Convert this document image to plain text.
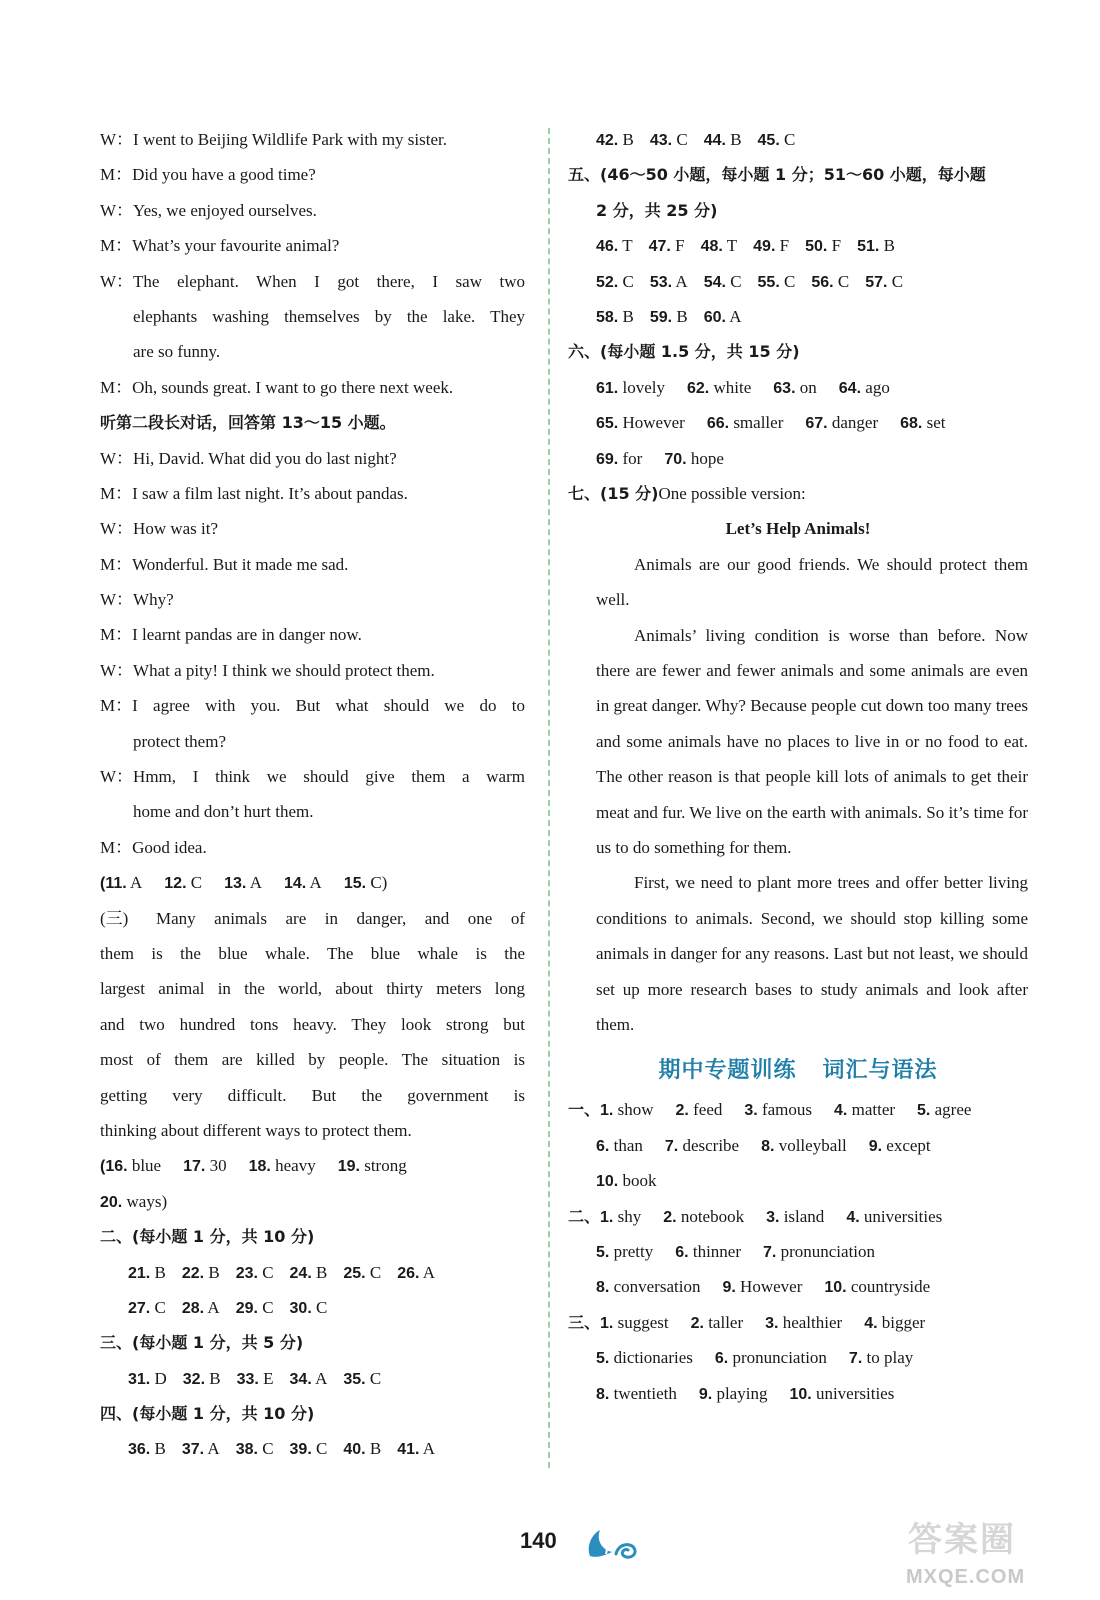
W： I went to Beijing Wildlife Park with my sister.
M： Did you have a good time?
W： Yes, we enjoyed ourselves.
M： What’s your favourite animal?
W： The elephant. When I got there, I saw two
elephants washing themselves by the lake. They
are so funny.
M： Oh, sounds great. I want to go there next week.
听第二段长对话，回答第 13～15 小题。
W： Hi, David. What did you do last night?
M： I saw a film last night. It’s about pandas.
W： How was it?
M： Wonderful. But it made me sad.
W： Why?
M： I learnt pandas are in danger now.
W： What a pity! I think we should protect them.
M： I agree with you. But what should we do to
protect them?
W： Hmm, I think we should give them a warm
home and don’t hurt them.
M： Good idea.
(11. A 12. C 13. A 14. A 15. C)
(三)	Many animals are in danger, and one of
them is the blue whale. The blue whale is the
largest animal in the world, about thirty meters long
and two hundred tons heavy. They look strong but
most of them are killed by people. The situation is
getting very difficult. But the government is
thinking about different ways to protect them.
(16. blue 17. 30 18. heavy 19. strong
20. ways)
二、(每小题 1 分，共 10 分)
21. B 22. B 23. C 24. B 25. C 26. A
27. C 28. A 29. C 30. C
三、(每小题 1 分，共 5 分)
31. D 32. B 33. E 34. A 35. C
四、(每小题 1 分，共 10 分)
36. B 37. A 38. C 39. C 40. B 41. A
42. B 43. C 44. B 45. C
五、(46～50 小题，每小题 1 分；51～60 小题，每小题
2 分，共 25 分)
46. T 47. F 48. T 49. F 50. F 51. B
52. C 53. A 54. C 55. C 56. C 57. C
58. B 59. B 60. A
六、(每小题 1.5 分，共 15 分)
61. lovely 62. white 63. on 64. ago
65. However 66. smaller 67. danger 68. set
69. for 70. hope
七、(15 分)One possible version:
Let’s Help Animals!
Animals are our good friends. We should protect them well.
Animals’ living condition is worse than before. Now there are fewer and fewer animals and some animals are even in great danger. Why? Because people cut down too many trees and some animals have no places to live in or no food to eat. The other reason is that people kill lots of animals to get their meat and fur. We live on the earth with animals. So it’s time for us to do something for them.
First, we need to plant more trees and offer better living conditions to animals. Second, we should stop killing some animals in danger for any reasons. Last but not least, we should set up more research bases to study animals and look after them.
期中专题训练 词汇与语法
一、 1. show 2. feed 3. famous 4. matter 5. agree
6. than 7. describe 8. volleyball 9. except
10. book
二、 1. shy 2. notebook 3. island 4. universities
5. pretty 6. thinner 7. pronunciation
8. conversation 9. However 10. countryside
三、 1. suggest 2. taller 3. healthier 4. bigger
5. dictionaries 6. pronunciation 7. to play
8. twentieth 9. playing 10. universities
140	答案圈
MXQE.COM
